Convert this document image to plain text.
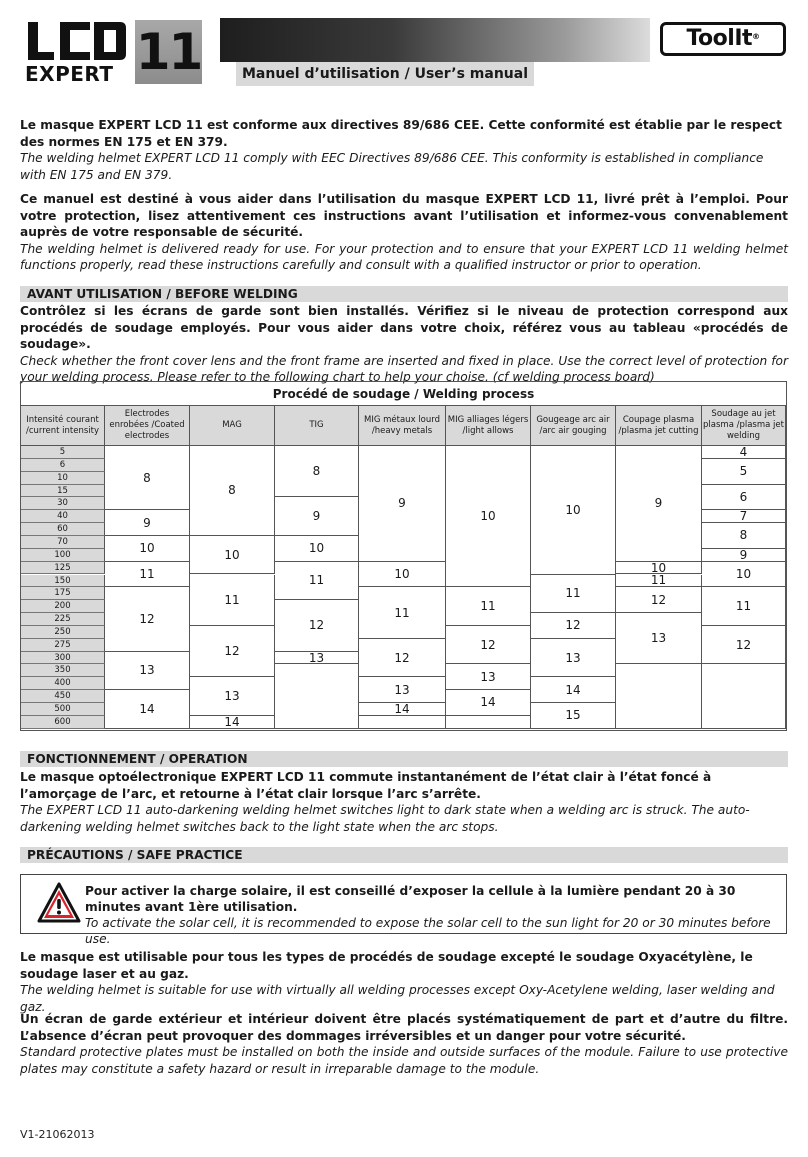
EXPERT 11	Manuel d’utilisation / User’s manual
ToolIt®
Le masque EXPERT LCD 11 est conforme aux directives 89/686 CEE. Cette conformité est établie par le respect des normes EN 175 et EN 379.
The welding helmet EXPERT LCD 11 comply with EEC Directives 89/686 CEE. This conformity is established in compliance with EN 175 and EN 379.
Ce manuel est destiné à vous aider dans l’utilisation du masque EXPERT LCD 11, livré prêt à l’emploi. Pour votre protection, lisez attentivement ces instructions avant l’utilisation et informez-vous convenablement auprès de votre responsable de sécurité.
The welding helmet is delivered ready for use. For your protection and to ensure that your EXPERT LCD 11 welding helmet functions properly, read these instructions carefully and consult with a qualified instructor or prior to operation.
AVANT UTILISATION / BEFORE WELDING
Contrôlez si les écrans de garde sont bien installés. Vérifiez si le niveau de protection correspond aux procédés de soudage employés. Pour vous aider dans votre choix, référez vous au tableau «procédés de soudage».
Check whether the front cover lens and the front frame are inserted and fixed in place. Use the correct level of protection for your welding process. Please refer to the following chart to help your choise. (cf welding process board)
Procédé de soudage / Welding process
Intensité courant /current intensity
Electrodes enrobées /Coated electrodes
MAG	TIG
MIG métaux lourd /heavy metals
MIG alliages légers /light allows
Gougeage arc air /arc air gouging
Coupage plasma /plasma jet cutting
Soudage au jet plasma /plasma jet welding
5
6
10
15
30
40
60
70
100
125
150
175
200
225
250
275
300
350
400
450
500
600
8
9
10
11
12
13
14
8
10
11
12
13
14
8
9
10
11
12
13
9
10
11
12
13
14
10
11
12
13
14
10
11
12
13
14
15
9
10
11
12
13
4
5
6
7
8
9
10
11
12
FONCTIONNEMENT / OPERATION
Le masque optoélectronique EXPERT LCD 11 commute instantanément de l’état clair à l’état foncé à l’amorçage de l’arc, et retourne à l’état clair lorsque l’arc s’arrête.
The EXPERT LCD 11 auto-darkening welding helmet switches light to dark state when a welding arc is struck. The auto-darkening welding helmet switches back to the light state when the arc stops.
PRÉCAUTIONS / SAFE PRACTICE
Pour activer la charge solaire, il est conseillé d’exposer la cellule à la lumière pendant 20 à 30 minutes avant 1ère utilisation.
To activate the solar cell, it is recommended to expose the solar cell to the sun light for 20 or 30 minutes before use.
Le masque est utilisable pour tous les types de procédés de soudage excepté le soudage Oxyacétylène, le soudage laser et au gaz.
The welding helmet is suitable for use with virtually all welding processes except Oxy-Acetylene welding, laser welding and gaz.
Un écran de garde extérieur et intérieur doivent être placés systématiquement de part et d’autre du filtre. L’absence d’écran peut provoquer des dommages irréversibles et un danger pour votre sécurité.
Standard protective plates must be installed on both the inside and outside surfaces of the module. Failure to use protective plates may constitute a safety hazard or result in irreparable damage to the module.
V1-21062013
